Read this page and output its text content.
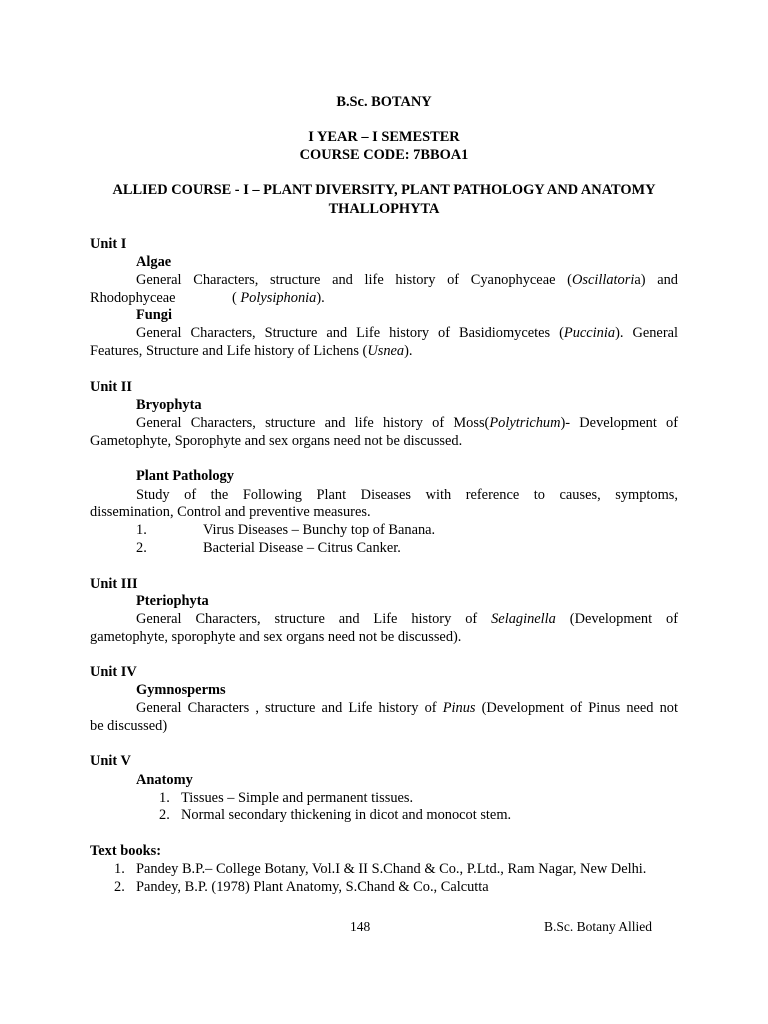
B.Sc. BOTANY
I YEAR – I SEMESTER
COURSE CODE: 7BBOA1
ALLIED COURSE - I – PLANT DIVERSITY, PLANT PATHOLOGY AND ANATOMY
THALLOPHYTA
Unit I
Algae
General Characters, structure and life history of Cyanophyceae (Oscillatoria) and
Rhodophyceae	( Polysiphonia).
Fungi
General Characters, Structure and Life history of Basidiomycetes (Puccinia). General
Features, Structure and Life history of Lichens (Usnea).
Unit II
Bryophyta
General Characters, structure and life history of Moss(Polytrichum)- Development of
Gametophyte, Sporophyte and sex organs need not be discussed.
Plant Pathology
Study of the Following Plant Diseases with reference to causes, symptoms,
dissemination, Control and preventive measures.
1.	Virus Diseases – Bunchy top of Banana.
2.	Bacterial Disease – Citrus Canker.
Unit III
Pteriophyta
General Characters, structure and Life history of Selaginella (Development of
gametophyte, sporophyte and sex organs need not be discussed).
Unit IV
Gymnosperms
General Characters , structure and Life history of Pinus (Development of Pinus need not
be discussed)
Unit V
Anatomy
1. Tissues – Simple and permanent tissues.
2. Normal secondary thickening in dicot and monocot stem.
Text books:
1. Pandey B.P.– College Botany, Vol.I & II S.Chand & Co., P.Ltd., Ram Nagar, New Delhi.
2. Pandey, B.P. (1978) Plant Anatomy, S.Chand & Co., Calcutta
148	B.Sc. Botany Allied
